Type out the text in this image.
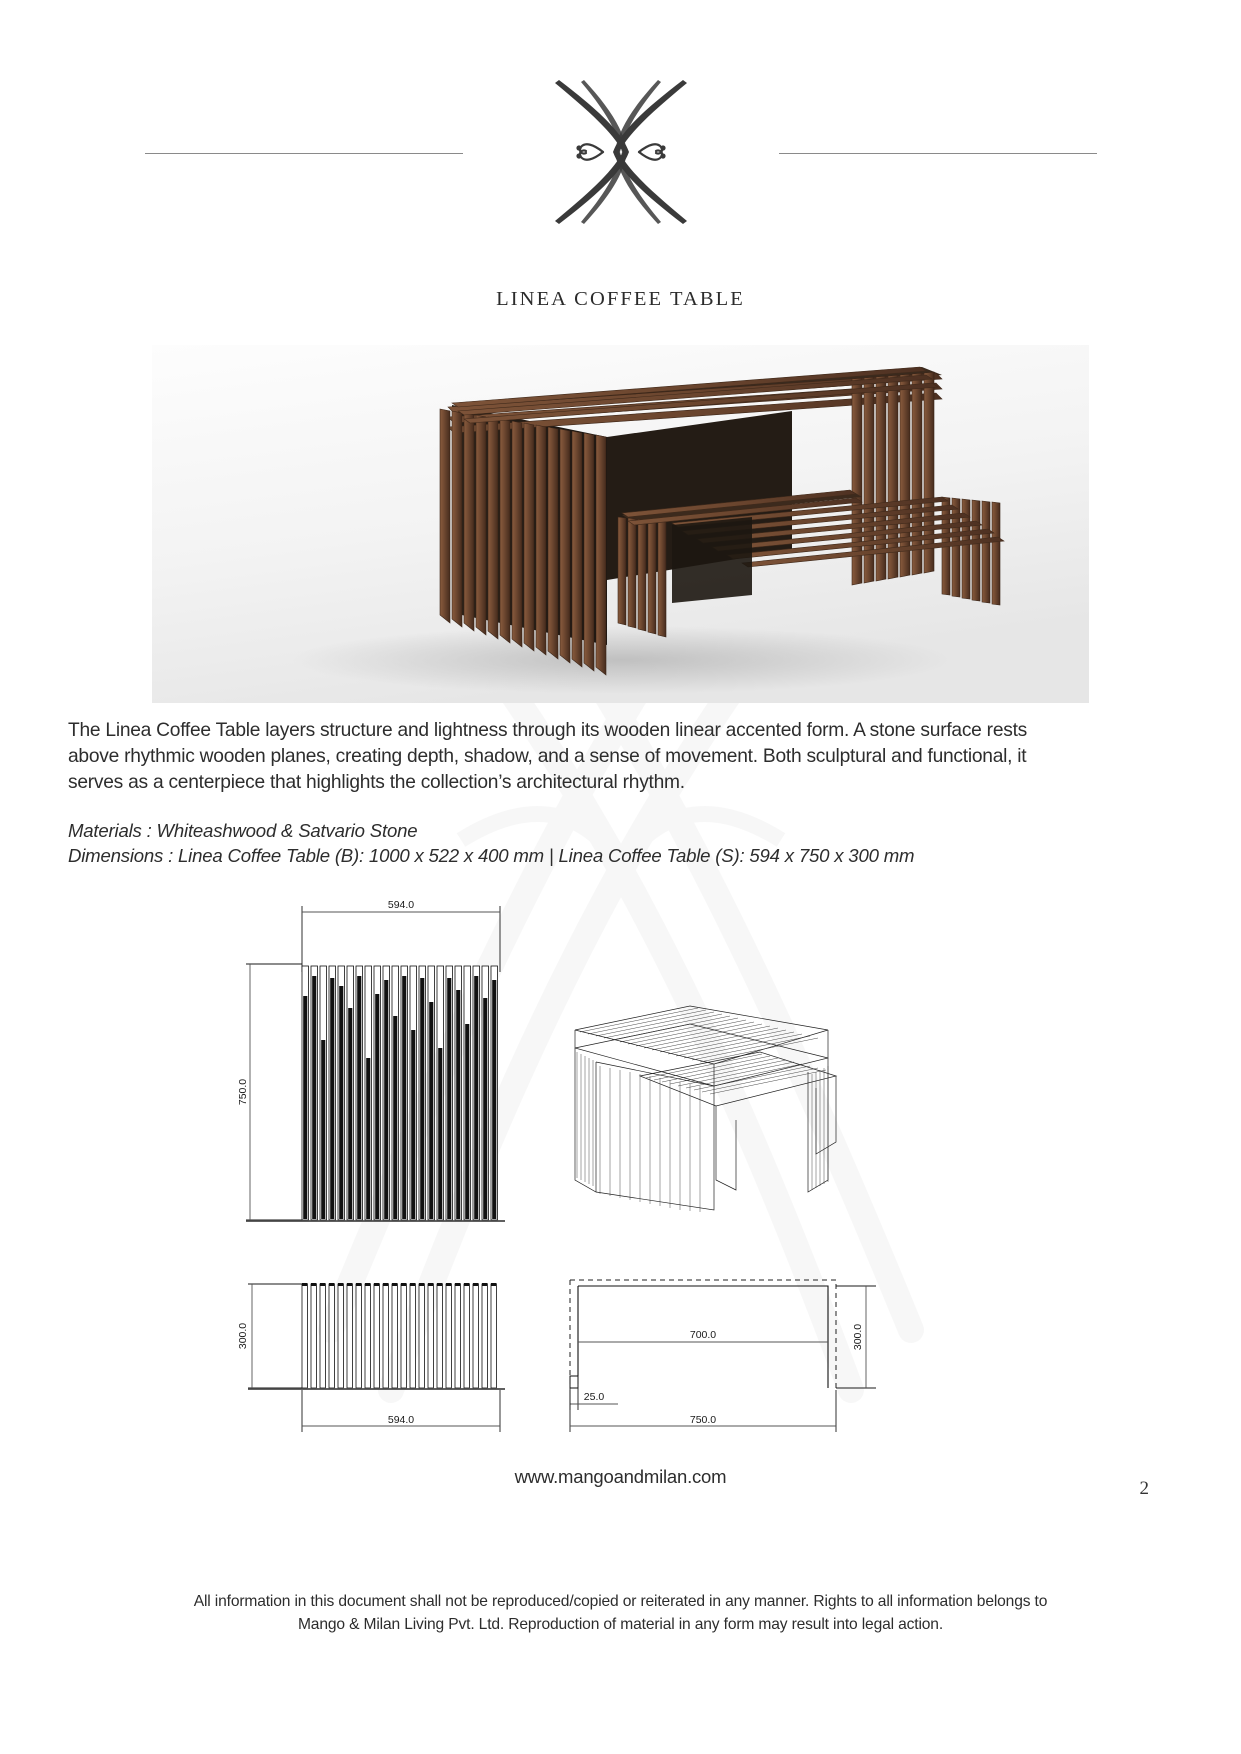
LINEA COFFEE TABLE
The Linea Coffee Table layers structure and lightness through its wooden linear accented form. A stone surface rests above rhythmic wooden planes, creating depth, shadow, and a sense of movement. Both sculptural and functional, it serves as a centerpiece that highlights the collection’s architectural rhythm.
Materials : Whiteashwood & Satvario Stone
Dimensions : Linea Coffee Table (B): 1000 x 522 x 400 mm | Linea Coffee Table (S): 594 x 750 x 300 mm
594.0
750.0
300.0
594.0
700.0
25.0
750.0
300.0
www.mangoandmilan.com
2
All information in this document shall not be reproduced/copied or reiterated in any manner. Rights to all information belongs to
Mango & Milan Living Pvt. Ltd. Reproduction of material in any form may result into legal action.
